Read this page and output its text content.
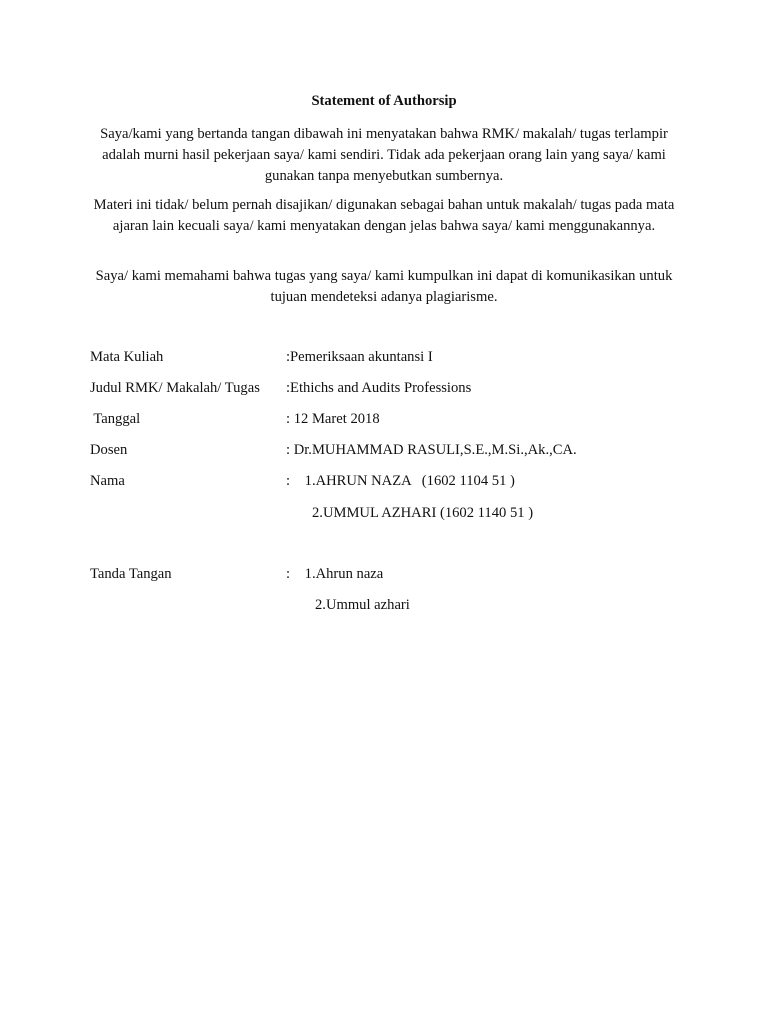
Statement of Authorsip
Saya/kami yang bertanda tangan dibawah ini menyatakan bahwa RMK/ makalah/ tugas terlampir adalah murni hasil pekerjaan saya/ kami sendiri. Tidak ada pekerjaan orang lain yang saya/ kami gunakan tanpa menyebutkan sumbernya.
Materi ini tidak/ belum pernah disajikan/ digunakan sebagai bahan untuk makalah/ tugas pada mata ajaran lain kecuali saya/ kami menyatakan dengan jelas bahwa saya/ kami menggunakannya.
Saya/ kami memahami bahwa tugas yang saya/ kami kumpulkan ini dapat di komunikasikan untuk tujuan mendeteksi adanya plagiarisme.
Mata Kuliah	:Pemeriksaan akuntansi I
Judul RMK/ Makalah/ Tugas :Ethichs and Audits Professions
Tanggal	: 12 Maret 2018
Dosen	: Dr.MUHAMMAD RASULI,S.E.,M.Si.,Ak.,CA.
Nama	:    1.AHRUN NAZA   (1602 1104 51 )
2.UMMUL AZHARI (1602 1140 51 )
Tanda Tangan	:    1.Ahrun naza
2.Ummul azhari
